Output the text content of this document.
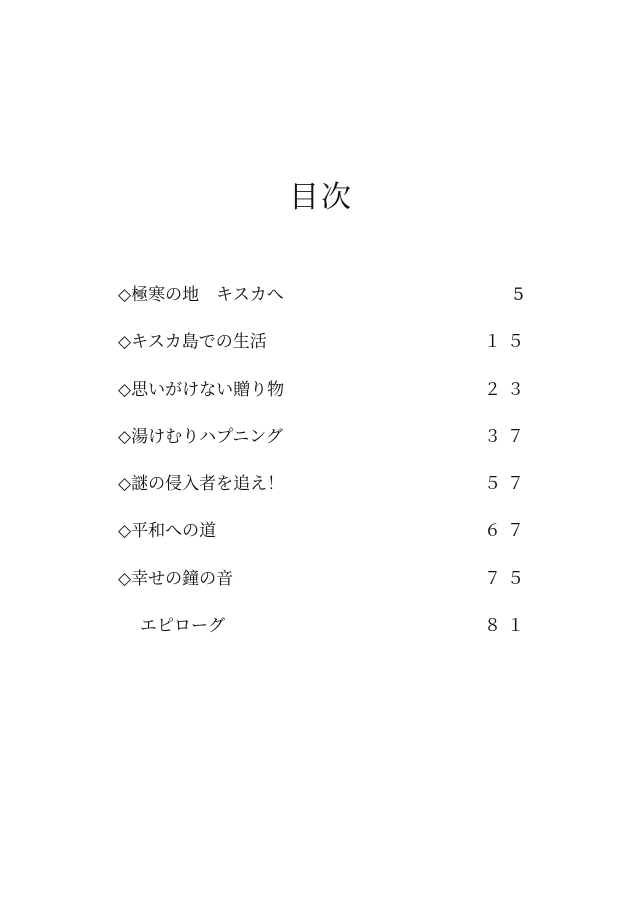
目次
◇極寒の地　キスカへ	5
◇キスカ島での生活	１５
◇思いがけない贈り物	２３
◇湯けむりハプニング	３７
◇謎の侵入者を追え！	５７
◇平和への道	６７
◇幸せの鐘の音	７５
エピローグ	８１
